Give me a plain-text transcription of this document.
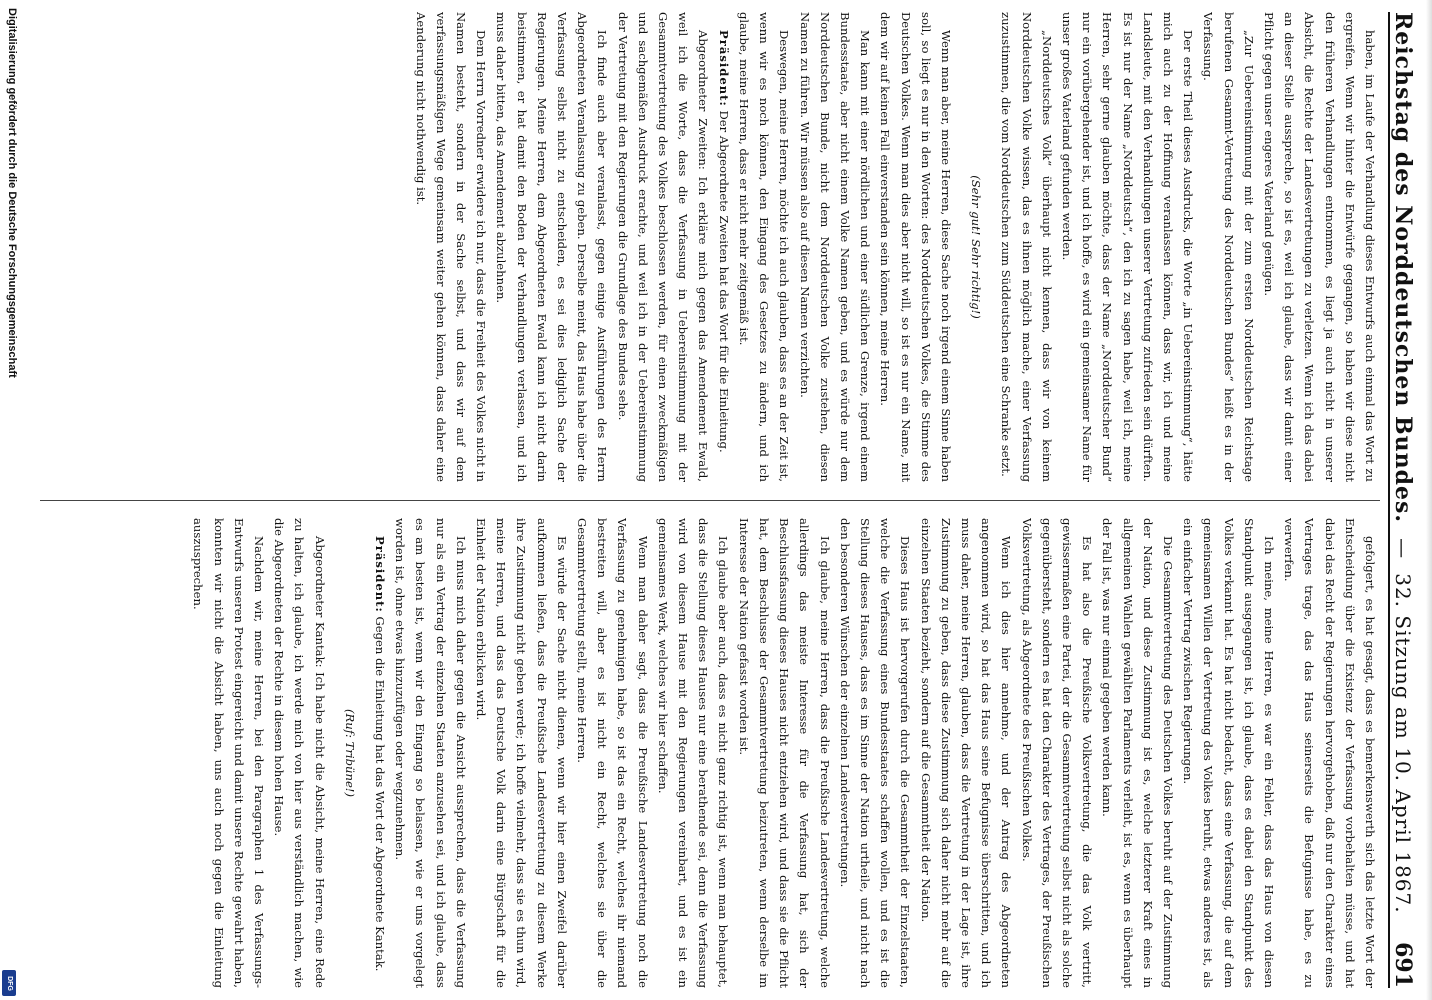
Reichstag des Norddeutschen Bundes. — 32. Sitzung am 10. April 1867.
691

haben, im Laufe der Verhandlung dieses Entwurfs auch einmal das Wort zu ergreifen. Wenn wir hinter die Entwürfe gegangen, so haben wir diese nicht den früheren Verhandlungen entnommen, es liegt ja auch nicht in unserer Absicht, die Rechte der Landesvertretungen zu verletzen. Wenn ich das dabei an dieser Stelle ausspreche, so ist es, weil ich glaube, dass wir damit einer Pflicht gegen unser engeres Vaterland genügen.

„Zur Uebereinstimmung mit der zum ersten Norddeutschen Reichstage berufenen Gesammt-Vertretung des Norddeutschen Bundes“ heißt es in der Verfassung.

Der erste Theil dieses Ausdrucks, die Worte „in Uebereinstimmung“, hätte mich auch zu der Hoffnung veranlassen können, dass wir, ich und meine Landsleute, mit den Verhandlungen unserer Vertretung zufrieden sein dürften. Es ist nur der Name „Norddeutsch“, den ich zu sagen habe, weil ich, meine Herren, sehr gerne glauben möchte, dass der Name „Norddeutscher Bund“ nur ein vorübergehender ist, und ich hoffe, es wird ein gemeinsamer Name für unser großes Vaterland gefunden werden.

„Norddeutsches Volk“ überhaupt nicht kennen, dass wir von keinem Norddeutschen Volke wissen, das es ihnen möglich mache, einer Verfassung zuzustimmen, die vom Norddeutschen zum Süddeutschen eine Schranke setzt.

(Sehr gut! Sehr richtig!)

Wenn man aber, meine Herren, diese Sache noch irgend einem Sinne haben soll, so liegt es nur in den Worten: des Norddeutschen Volkes, die Stimme des Deutschen Volkes. Wenn man dies aber nicht will, so ist es nur ein Name, mit dem wir auf keinen Fall einverstanden sein können, meine Herren.

Man kann mit einer nördlichen und einer südlichen Grenze, irgend einem Bundesstaate, aber nicht einem Volke Namen geben, und es würde nur dem Norddeutschen Bunde, nicht dem Norddeutschen Volke zustehen, diesen Namen zu führen. Wir müssen also auf diesen Namen verzichten.

Deswegen, meine Herren, möchte ich auch glauben, dass es an der Zeit ist, wenn wir es noch können, den Eingang des Gesetzes zu ändern, und ich glaube, meine Herren, dass er nicht mehr zeitgemäß ist.

Präsident: Der Abgeordnete Zweiten hat das Wort für die Einleitung.

Abgeordneter Zweiten: Ich erkläre mich gegen das Amendement Ewald, weil ich die Worte, dass die Verfassung in Uebereinstimmung mit der Gesammtvertretung des Volkes beschlossen werden, für einen zweckmäßigen und sachgemäßen Ausdruck erachte, und weil ich in der Uebereinstimmung der Vertretung mit den Regierungen die Grundlage des Bundes sehe.

Ich finde auch aber veranlasst, gegen einige Ausführungen des Herrn Abgeordneten Veranlassung zu geben. Derselbe meint, das Haus habe über die Verfassung selbst nicht zu entscheiden, es sei dies lediglich Sache der Regierungen. Meine Herren, dem Abgeordneten Ewald kann ich nicht darin beistimmen, er hat damit den Boden der Verhandlungen verlassen, und ich muss daher bitten, das Amendement abzulehnen.

Dem Herrn Vorredner erwidere ich nur, dass die Freiheit des Volkes nicht in Namen besteht, sondern in der Sache selbst, und dass wir auf dem verfassungsmäßigen Wege gemeinsam weiter gehen können, dass daher eine Aenderung nicht nothwendig ist.

gefolgert, es hat gesagt, dass es bemerkenswerth sich das letzte Wort der Entscheidung über die Existenz der Verfassung vorbehalten müsse, und hat dabei das Recht der Regierungen hervorgehoben, daß nur den Charakter eines Vertrages trage, das das Haus seinerseits die Befugnisse habe, es zu verwerfen.

Ich meine, meine Herren, es war ein Fehler, dass das Haus von diesen Standpunkt ausgegangen ist, ich glaube, dass es dabei den Standpunkt des Volkes verkannt hat. Es hat nicht bedacht, dass eine Verfassung, die auf dem gemeinsamen Willen der Vertretung des Volkes beruht, etwas anderes ist, als ein einfacher Vertrag zwischen Regierungen.

Die Gesammtvertretung des Deutschen Volkes beruht auf der Zustimmung der Nation, und diese Zustimmung ist es, welche letzterer Kraft eines in allgemeinen Wahlen gewählten Parlaments verleiht, ist es, wenn es überhaupt der Fall ist, was nur einmal gegeben werden kann.

Es hat also die Preußische Volksvertretung, die das Volk vertritt, gewissermaßen eine Partei, der die Gesammtvertretung selbst nicht als solche gegenübersteht, sondern es hat den Charakter des Vertrages, der Preußischen Volksvertretung, als Abgeordnete des Preußischen Volkes.

Wenn ich dies hier annehme, und der Antrag des Abgeordneten angenommen wird, so hat das Haus seine Befugnisse überschritten, und ich muss daher, meine Herren, glauben, dass die Vertretung in der Lage ist, ihre Zustimmung zu geben, dass diese Zustimmung sich daher nicht mehr auf die einzelnen Staaten bezieht, sondern auf die Gesammtheit der Nation.

Dieses Haus ist hervorgerufen durch die Gesammtheit der Einzelstaaten, welche die Verfassung eines Bundesstaates schaffen wollen, und es ist die Stellung dieses Hauses, dass es im Sinne der Nation urtheile, und nicht nach den besonderen Wünschen der einzelnen Landesvertretungen.

Ich glaube, meine Herren, dass die Preußische Landesvertretung, welche allerdings das meiste Interesse für die Verfassung hat, sich der Beschlussfassung dieses Hauses nicht entziehen wird, und dass sie die Pflicht hat, dem Beschlusse der Gesammtvertretung beizutreten, wenn derselbe im Interesse der Nation gefasst worden ist.

Ich glaube aber auch, dass es nicht ganz richtig ist, wenn man behauptet, dass die Stellung dieses Hauses nur eine berathende sei, denn die Verfassung wird von diesem Hause mit den Regierungen vereinbart, und es ist ein gemeinsames Werk, welches wir hier schaffen.

Wenn man daher sagt, dass die Preußische Landesvertretung noch die Verfassung zu genehmigen habe, so ist das ein Recht, welches ihr niemand bestreiten will, aber es ist nicht ein Recht, welches sie über die Gesammtvertretung stellt, meine Herren.

Es würde der Sache nicht dienen, wenn wir hier einen Zweifel darüber aufkommen ließen, dass die Preußische Landesvertretung zu diesem Werke ihre Zustimmung nicht geben werde; ich hoffe vielmehr, dass sie es thun wird, meine Herren, und dass das Deutsche Volk darin eine Bürgschaft für die Einheit der Nation erblicken wird.

Ich muss mich daher gegen die Ansicht aussprechen, dass die Verfassung nur als ein Vertrag der einzelnen Staaten anzusehen sei, und ich glaube, dass es am besten ist, wenn wir den Eingang so belassen, wie er uns vorgelegt worden ist, ohne etwas hinzuzufügen oder wegzunehmen.

Präsident: Gegen die Einleitung hat das Wort der Abgeordnete Kantak.

(Ruf: Tribüne!)

Abgeordneter Kantak: Ich habe nicht die Absicht, meine Herren, eine Rede zu halten, ich glaube, ich werde mich von hier aus verständlich machen, wie die Abgeordneten der Rechte in diesem hohen Hause.

Nachdem wir, meine Herren, bei den Paragraphen 1 des Verfassungs-Entwurfs unseren Protest eingereicht und damit unsere Rechte gewahrt haben, konnten wir nicht die Absicht haben, uns auch noch gegen die Einleitung auszusprechen.

Digitalisierung gefördert durch die Deutsche Forschungsgemeinschaft
DFG
